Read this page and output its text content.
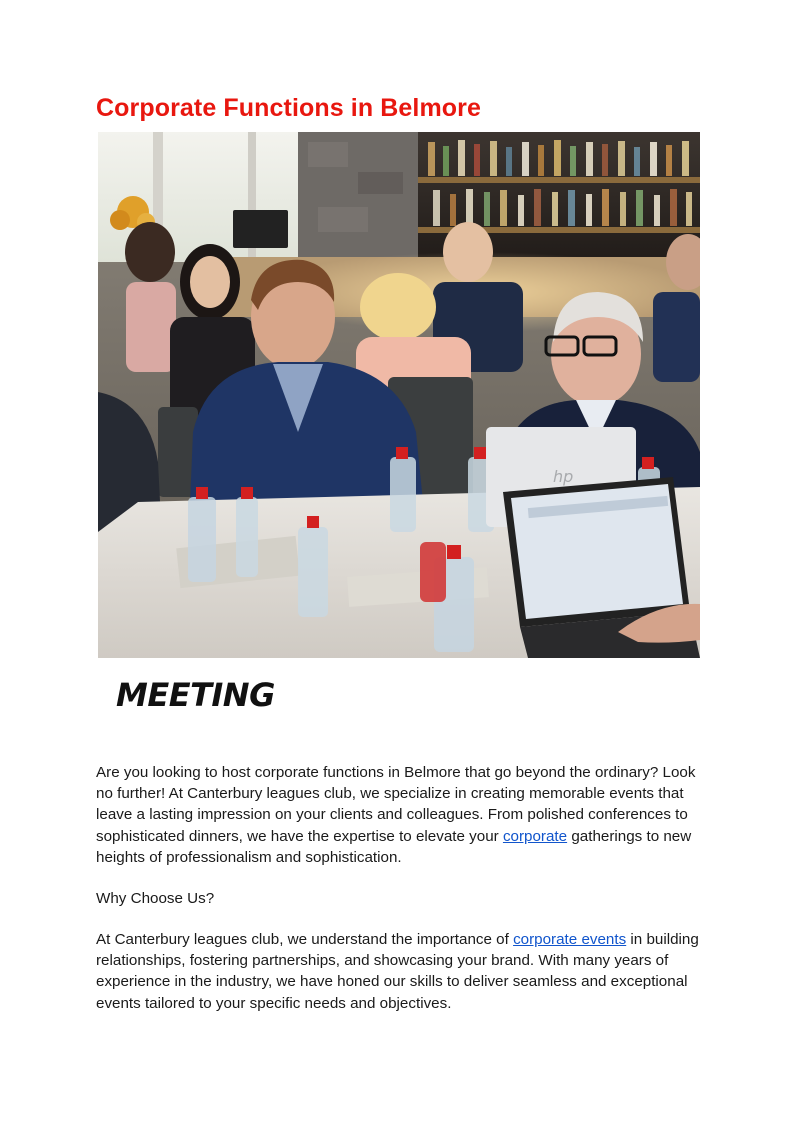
Corporate Functions in Belmore
hp
MEETING

Are you looking to host corporate functions in Belmore that go beyond the ordinary? Look no further! At Canterbury leagues club, we specialize in creating memorable events that leave a lasting impression on your clients and colleagues. From polished conferences to sophisticated dinners, we have the expertise to elevate your corporate gatherings to new heights of professionalism and sophistication.

Why Choose Us?

At Canterbury leagues club, we understand the importance of corporate events in building relationships, fostering partnerships, and showcasing your brand. With many years of experience in the industry, we have honed our skills to deliver seamless and exceptional events tailored to your specific needs and objectives.
